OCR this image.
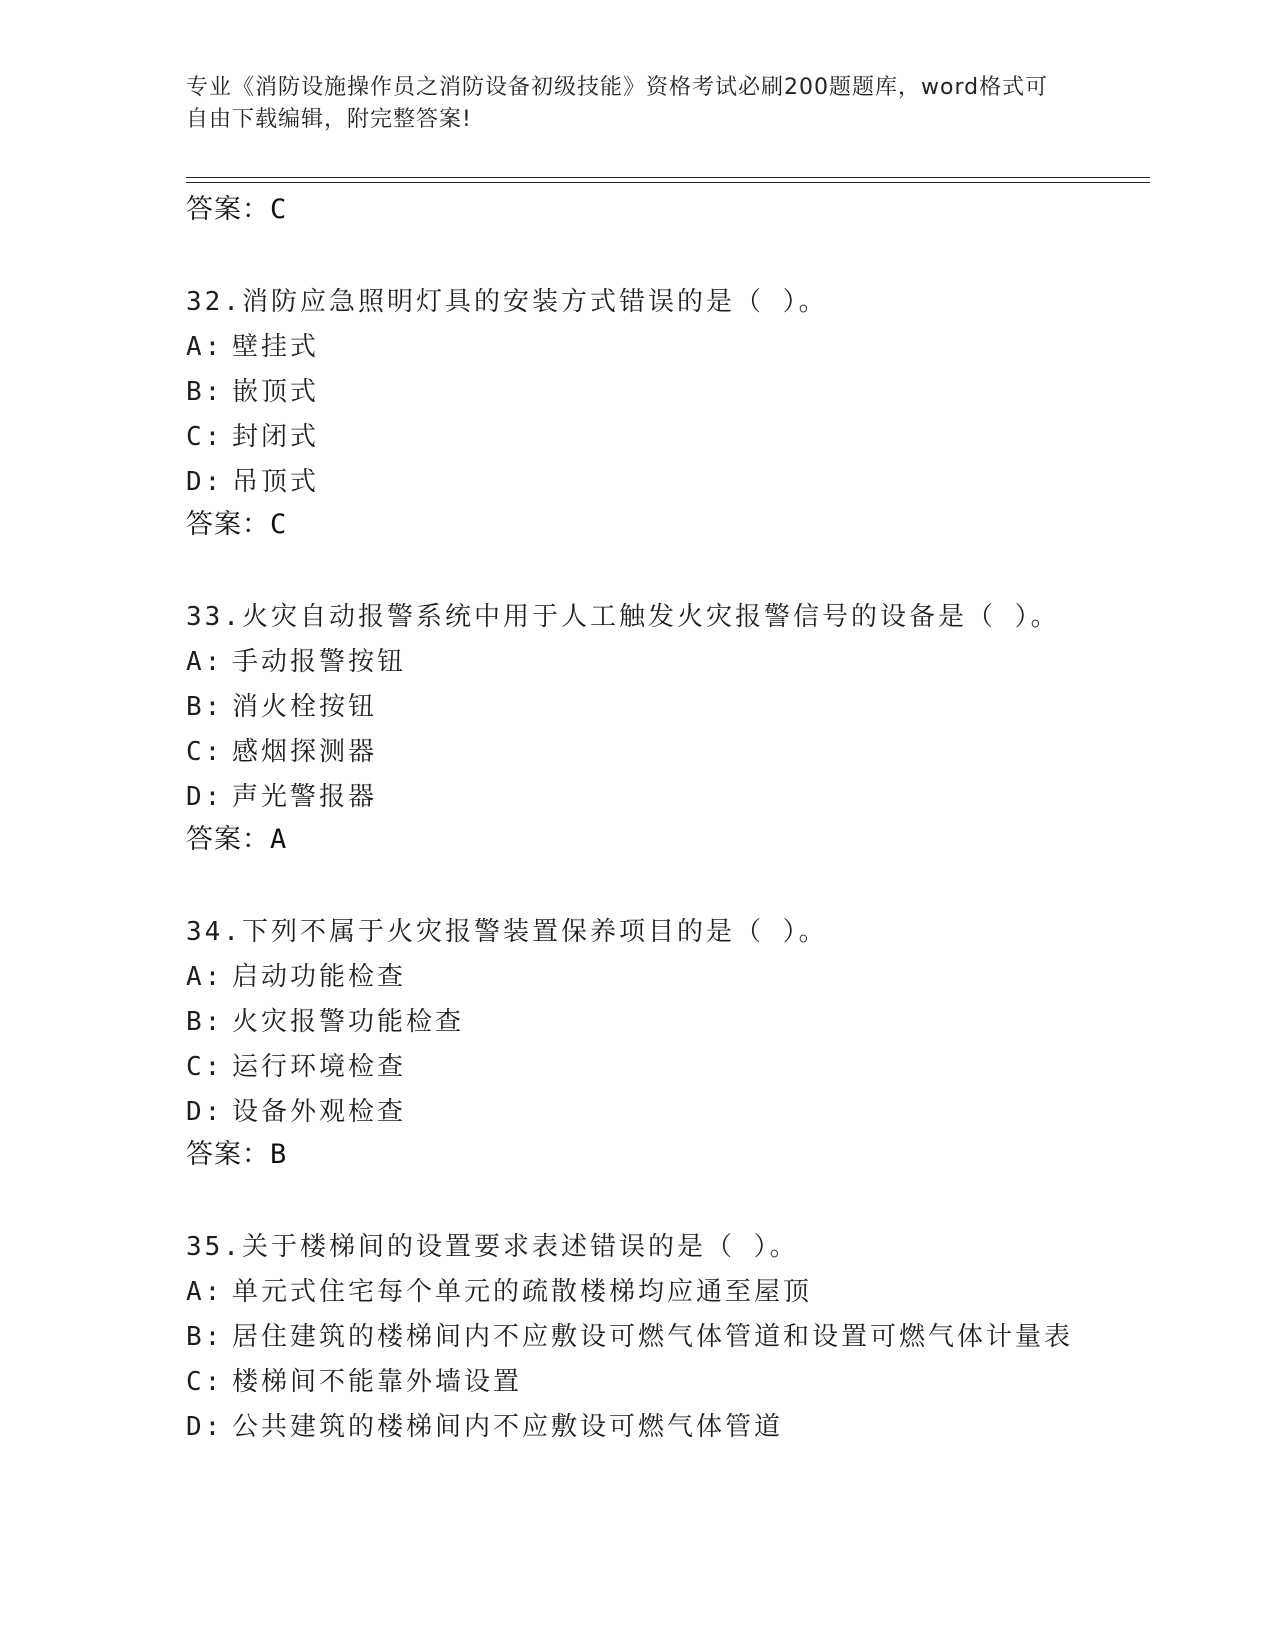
专业《消防设施操作员之消防设备初级技能》资格考试必刷200题题库，word格式可自由下载编辑，附完整答案!
答案：C
32.消防应急照明灯具的安装方式错误的是（ ）。
A: 壁挂式
B: 嵌顶式
C: 封闭式
D: 吊顶式
答案：C
33.火灾自动报警系统中用于人工触发火灾报警信号的设备是（ ）。
A: 手动报警按钮
B: 消火栓按钮
C: 感烟探测器
D: 声光警报器
答案：A
34.下列不属于火灾报警装置保养项目的是（ ）。
A: 启动功能检查
B: 火灾报警功能检查
C: 运行环境检查
D: 设备外观检查
答案：B
35.关于楼梯间的设置要求表述错误的是（ ）。
A: 单元式住宅每个单元的疏散楼梯均应通至屋顶
B: 居住建筑的楼梯间内不应敷设可燃气体管道和设置可燃气体计量表
C: 楼梯间不能靠外墙设置
D: 公共建筑的楼梯间内不应敷设可燃气体管道
